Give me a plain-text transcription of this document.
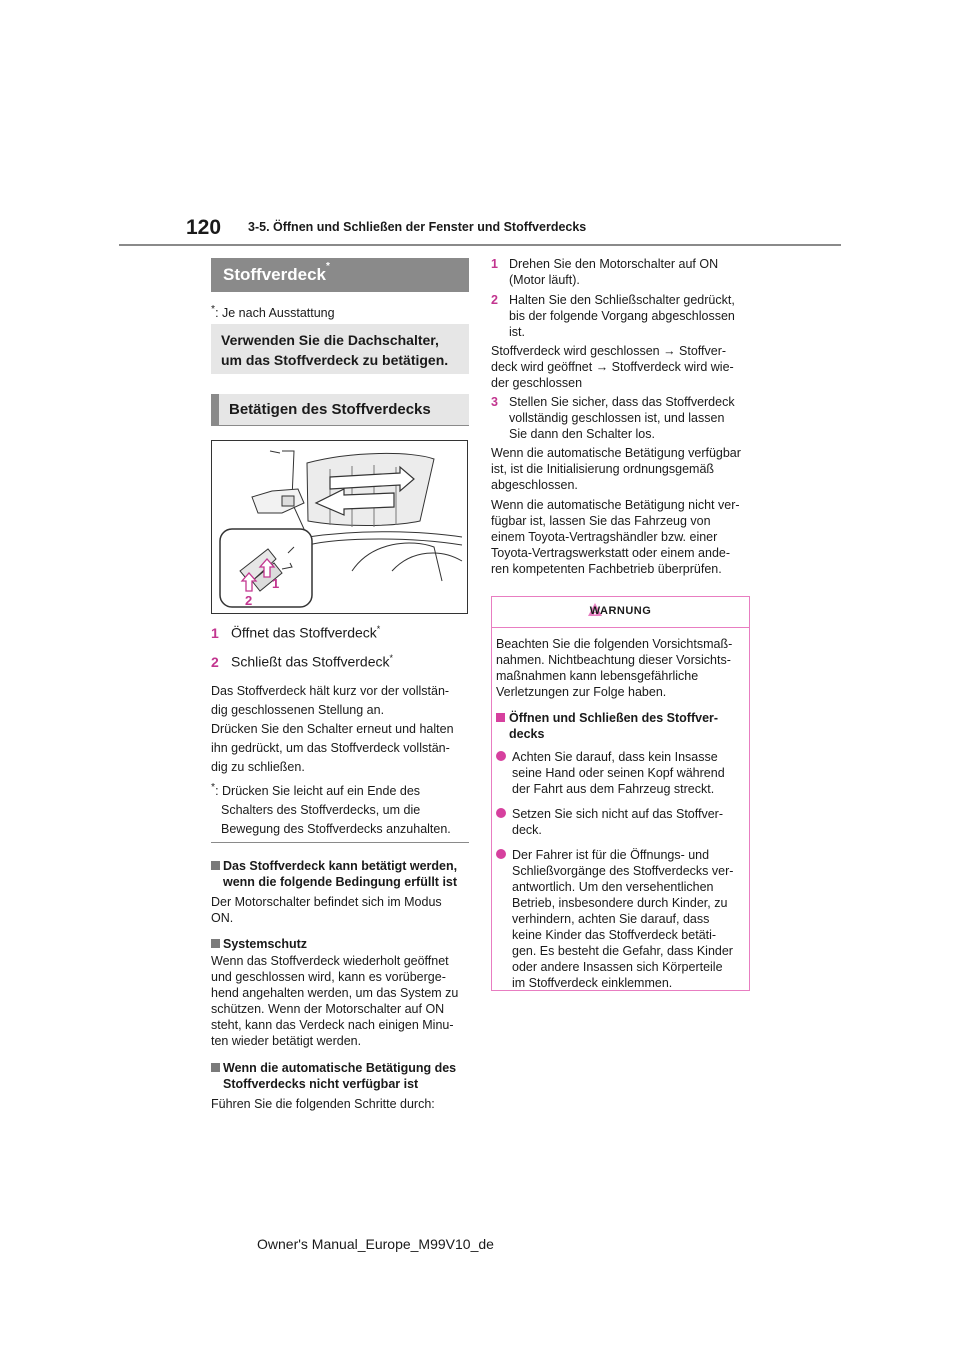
120 3-5. Öffnen und Schließen der Fenster und Stoffverdecks
Stoffverdeck*
*: Je nach Ausstattung
Verwenden Sie die Dachschalter,
um das Stoffverdeck zu betätigen.
Betätigen des Stoffverdecks
1
2
1 Öffnet das Stoffverdeck*
2 Schließt das Stoffverdeck*
Das Stoffverdeck hält kurz vor der vollstän-
dig geschlossenen Stellung an.
Drücken Sie den Schalter erneut und halten
ihn gedrückt, um das Stoffverdeck vollstän-
dig zu schließen.
*: Drücken Sie leicht auf ein Ende des
Schalters des Stoffverdecks, um die
Bewegung des Stoffverdecks anzuhalten.
Das Stoffverdeck kann betätigt werden,
wenn die folgende Bedingung erfüllt ist
Der Motorschalter befindet sich im Modus
ON.
Systemschutz
Wenn das Stoffverdeck wiederholt geöffnet
und geschlossen wird, kann es vorüberge-
hend angehalten werden, um das System zu
schützen. Wenn der Motorschalter auf ON
steht, kann das Verdeck nach einigen Minu-
ten wieder betätigt werden.
Wenn die automatische Betätigung des
Stoffverdecks nicht verfügbar ist
Führen Sie die folgenden Schritte durch:
1 Drehen Sie den Motorschalter auf ON
(Motor läuft).
2 Halten Sie den Schließschalter gedrückt,
bis der folgende Vorgang abgeschlossen
ist.
Stoffverdeck wird geschlossen → Stoffver-
deck wird geöffnet → Stoffverdeck wird wie-
der geschlossen
3 Stellen Sie sicher, dass das Stoffverdeck
vollständig geschlossen ist, und lassen
Sie dann den Schalter los.
Wenn die automatische Betätigung verfügbar
ist, ist die Initialisierung ordnungsgemäß
abgeschlossen.
Wenn die automatische Betätigung nicht ver-
fügbar ist, lassen Sie das Fahrzeug von
einem Toyota-Vertragshändler bzw. einer
Toyota-Vertragswerkstatt oder einem ande-
ren kompetenten Fachbetrieb überprüfen.
WARNUNG
Beachten Sie die folgenden Vorsichtsmaß-
nahmen. Nichtbeachtung dieser Vorsichts-
maßnahmen kann lebensgefährliche
Verletzungen zur Folge haben.
Öffnen und Schließen des Stoffver-
decks
Achten Sie darauf, dass kein Insasse
seine Hand oder seinen Kopf während
der Fahrt aus dem Fahrzeug streckt.
Setzen Sie sich nicht auf das Stoffver-
deck.
Der Fahrer ist für die Öffnungs- und
Schließvorgänge des Stoffverdecks ver-
antwortlich. Um den versehentlichen
Betrieb, insbesondere durch Kinder, zu
verhindern, achten Sie darauf, dass
keine Kinder das Stoffverdeck betäti-
gen. Es besteht die Gefahr, dass Kinder
oder andere Insassen sich Körperteile
im Stoffverdeck einklemmen.
Owner's Manual_Europe_M99V10_de
